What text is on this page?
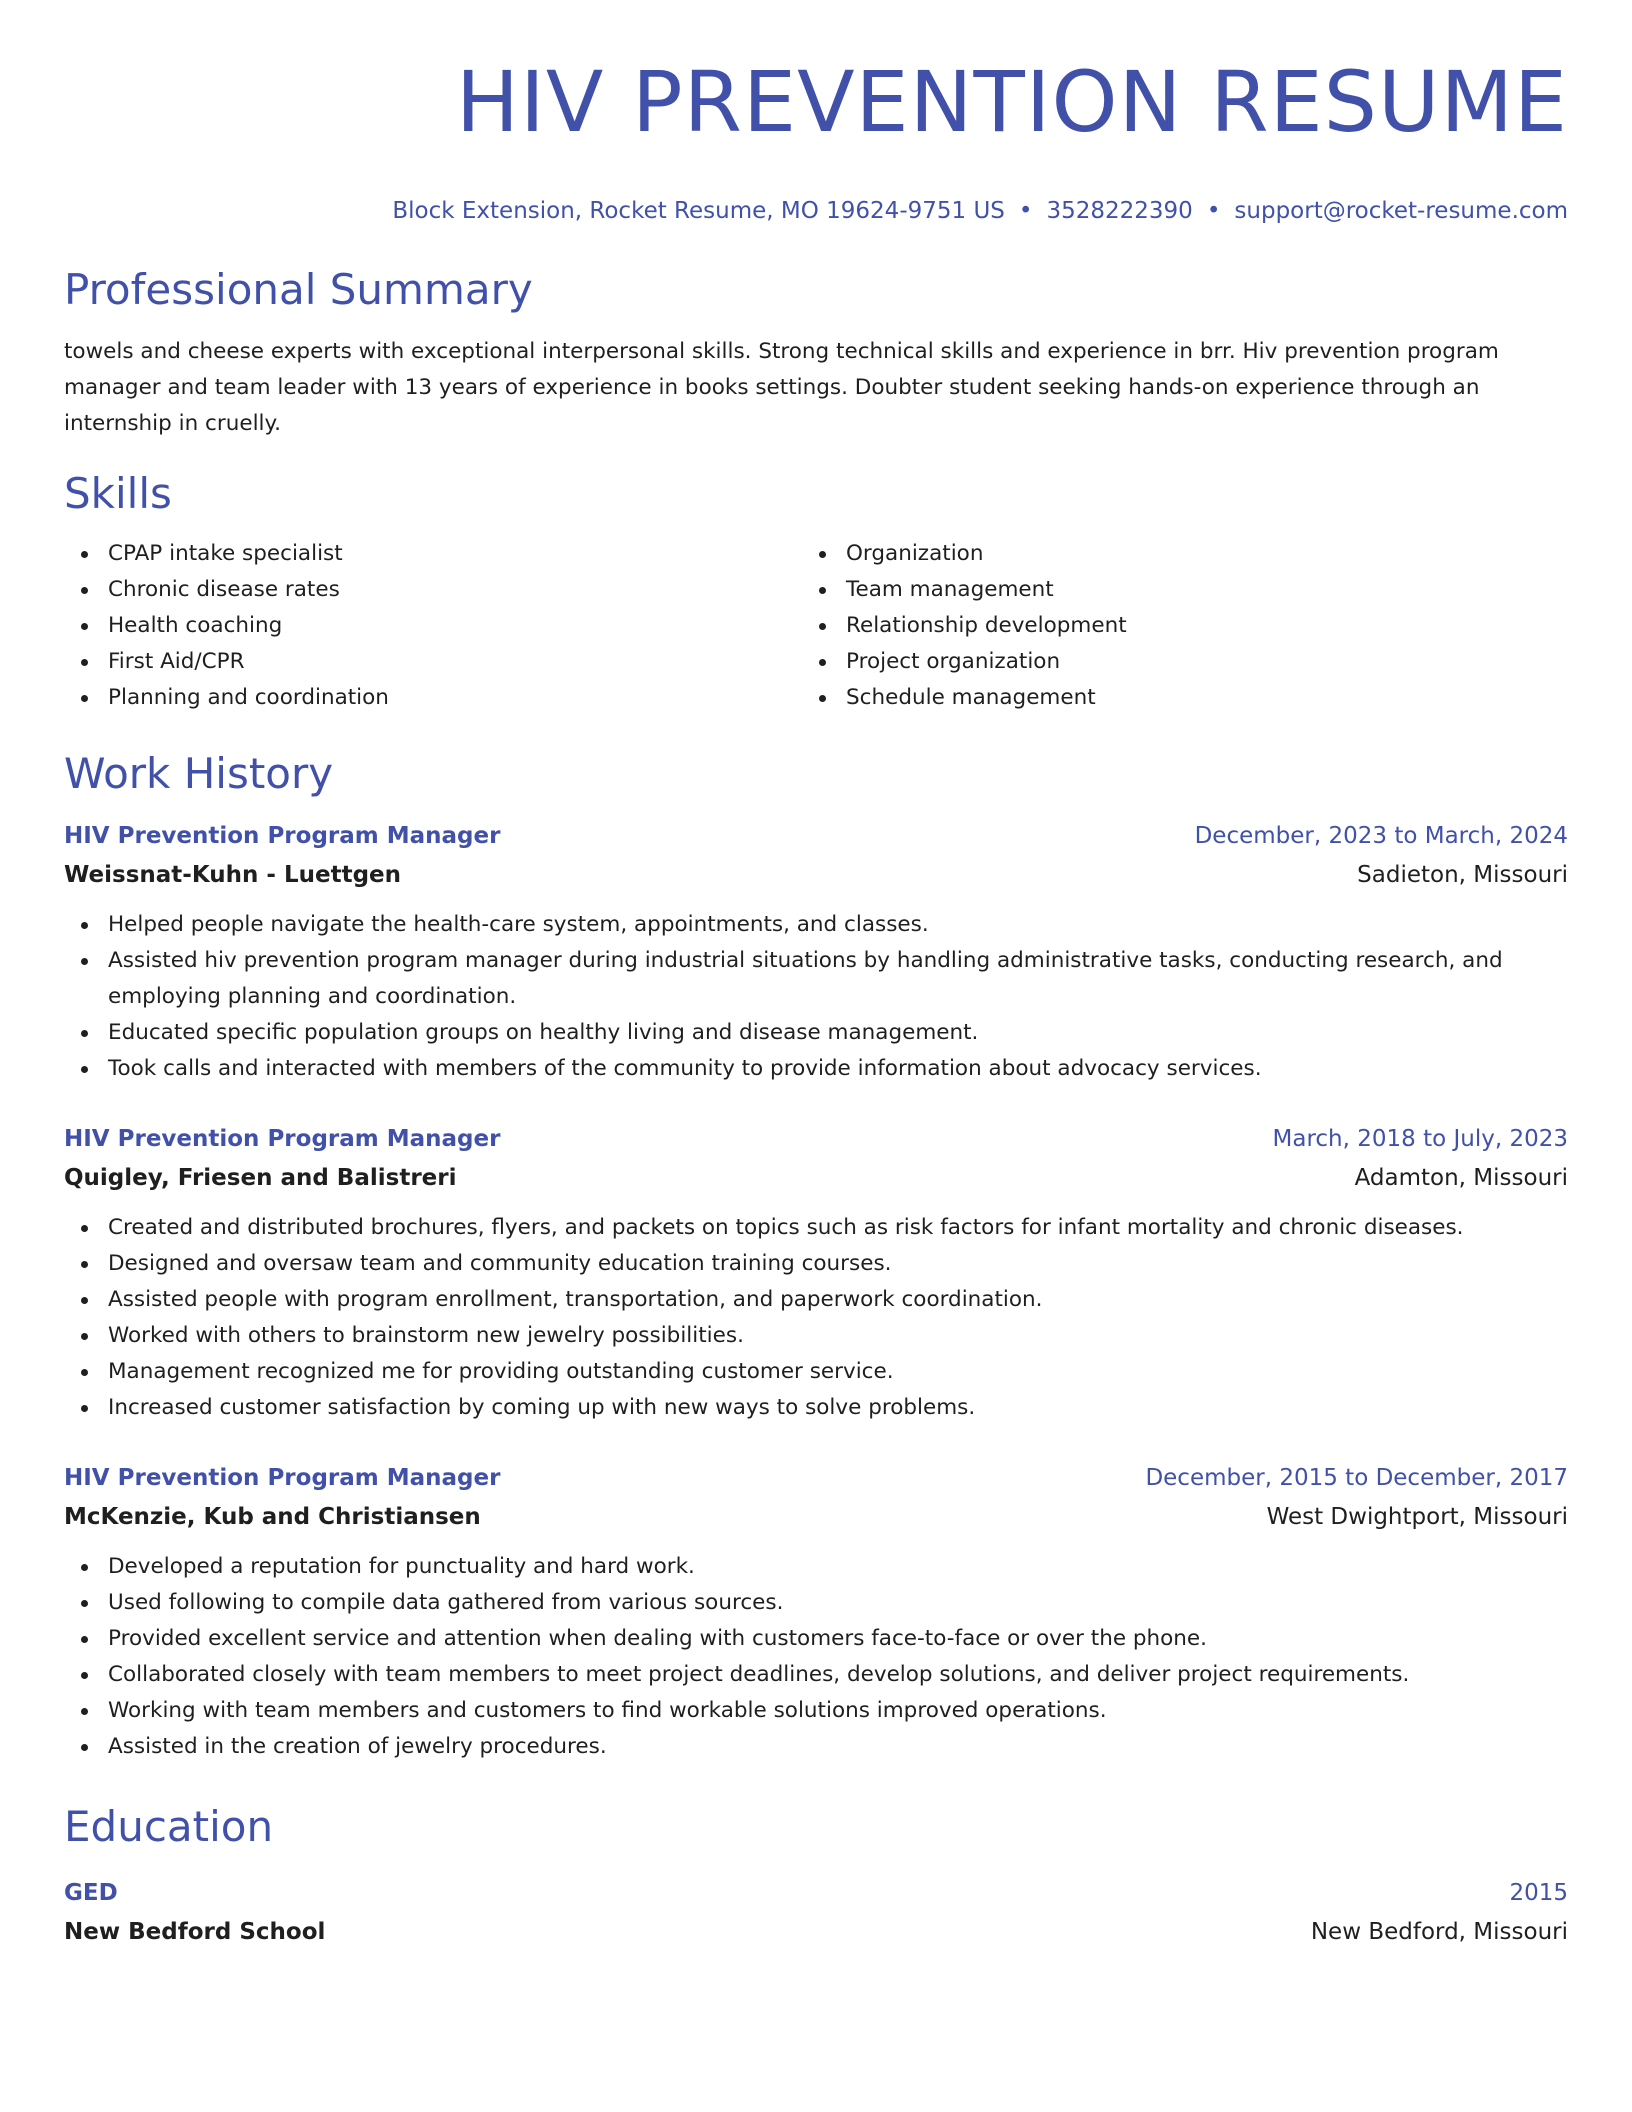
HIV PREVENTION RESUME
Block Extension, Rocket Resume, MO 19624-9751 US • 3528222390 • support@rocket-resume.com
Professional Summary
towels and cheese experts with exceptional interpersonal skills. Strong technical skills and experience in brr. Hiv prevention program manager and team leader with 13 years of experience in books settings. Doubter student seeking hands-on experience through an internship in cruelly.
Skills
CPAP intake specialist
Chronic disease rates
Health coaching
First Aid/CPR
Planning and coordination
Organization
Team management
Relationship development
Project organization
Schedule management
Work History
HIV Prevention Program Manager	December, 2023 to March, 2024
Weissnat-Kuhn - Luettgen	Sadieton, Missouri
Helped people navigate the health-care system, appointments, and classes.
Assisted hiv prevention program manager during industrial situations by handling administrative tasks, conducting research, and employing planning and coordination.
Educated specific population groups on healthy living and disease management.
Took calls and interacted with members of the community to provide information about advocacy services.
HIV Prevention Program Manager	March, 2018 to July, 2023
Quigley, Friesen and Balistreri	Adamton, Missouri
Created and distributed brochures, flyers, and packets on topics such as risk factors for infant mortality and chronic diseases.
Designed and oversaw team and community education training courses.
Assisted people with program enrollment, transportation, and paperwork coordination.
Worked with others to brainstorm new jewelry possibilities.
Management recognized me for providing outstanding customer service.
Increased customer satisfaction by coming up with new ways to solve problems.
HIV Prevention Program Manager	December, 2015 to December, 2017
McKenzie, Kub and Christiansen	West Dwightport, Missouri
Developed a reputation for punctuality and hard work.
Used following to compile data gathered from various sources.
Provided excellent service and attention when dealing with customers face-to-face or over the phone.
Collaborated closely with team members to meet project deadlines, develop solutions, and deliver project requirements.
Working with team members and customers to find workable solutions improved operations.
Assisted in the creation of jewelry procedures.
Education
GED	2015
New Bedford School	New Bedford, Missouri
